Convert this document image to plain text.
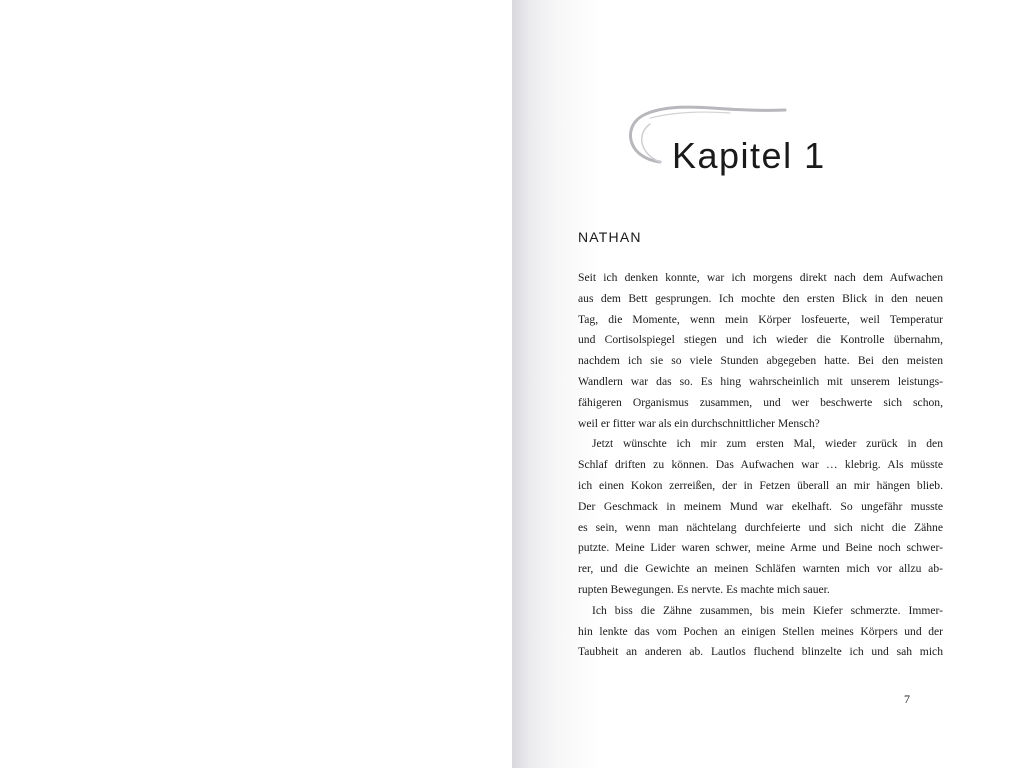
Kapitel 1
NATHAN
Seit ich denken konnte, war ich morgens direkt nach dem Aufwachen
aus dem Bett gesprungen. Ich mochte den ersten Blick in den neuen
Tag, die Momente, wenn mein Körper losfeuerte, weil Temperatur
und Cortisolspiegel stiegen und ich wieder die Kontrolle übernahm,
nachdem ich sie so viele Stunden abgegeben hatte. Bei den meisten
Wandlern war das so. Es hing wahrscheinlich mit unserem leistungs-
fähigeren Organismus zusammen, und wer beschwerte sich schon,
weil er fitter war als ein durchschnittlicher Mensch?
Jetzt wünschte ich mir zum ersten Mal, wieder zurück in den
Schlaf driften zu können. Das Aufwachen war … klebrig. Als müsste
ich einen Kokon zerreißen, der in Fetzen überall an mir hängen blieb.
Der Geschmack in meinem Mund war ekelhaft. So ungefähr musste
es sein, wenn man nächtelang durchfeierte und sich nicht die Zähne
putzte. Meine Lider waren schwer, meine Arme und Beine noch schwer-
rer, und die Gewichte an meinen Schläfen warnten mich vor allzu ab-
rupten Bewegungen. Es nervte. Es machte mich sauer.
Ich biss die Zähne zusammen, bis mein Kiefer schmerzte. Immer-
hin lenkte das vom Pochen an einigen Stellen meines Körpers und der
Taubheit an anderen ab. Lautlos fluchend blinzelte ich und sah mich
7
